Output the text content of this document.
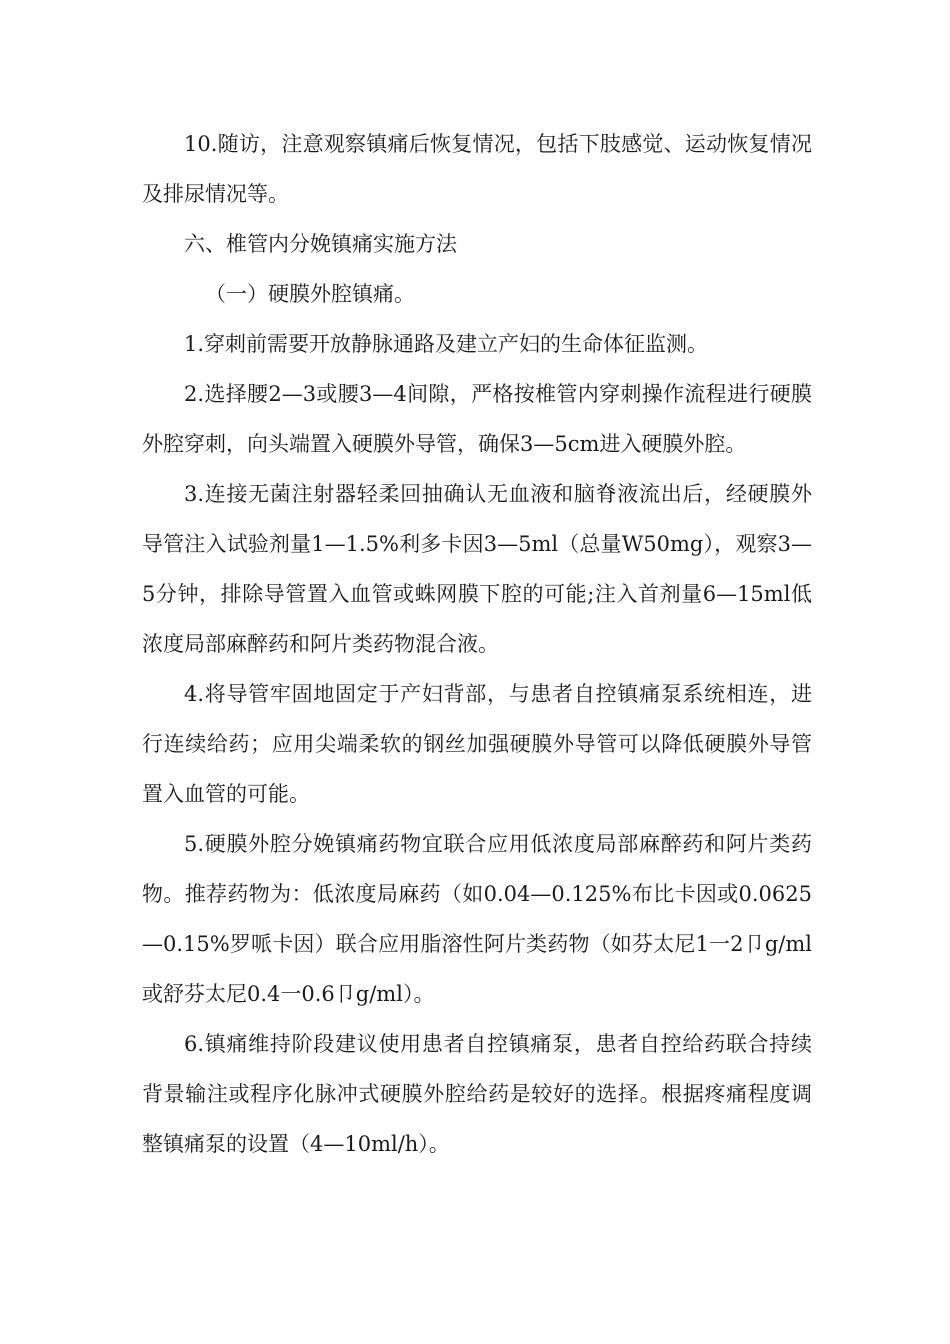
10.随访，注意观察镇痛后恢复情况，包括下肢感觉、运动恢复情况及排尿情况等。

六、椎管内分娩镇痛实施方法

（一）硬膜外腔镇痛。

1.穿刺前需要开放静脉通路及建立产妇的生命体征监测。

2.选择腰2—3或腰3—4间隙，严格按椎管内穿刺操作流程进行硬膜外腔穿刺，向头端置入硬膜外导管，确保3—5cm进入硬膜外腔。

3.连接无菌注射器轻柔回抽确认无血液和脑脊液流出后，经硬膜外导管注入试验剂量1—1.5%利多卡因3—5ml（总量W50mg），观察3—5分钟，排除导管置入血管或蛛网膜下腔的可能;注入首剂量6—15ml低浓度局部麻醉药和阿片类药物混合液。

4.将导管牢固地固定于产妇背部，与患者自控镇痛泵系统相连，进行连续给药；应用尖端柔软的钢丝加强硬膜外导管可以降低硬膜外导管置入血管的可能。

5.硬膜外腔分娩镇痛药物宜联合应用低浓度局部麻醉药和阿片类药物。推荐药物为：低浓度局麻药（如0.04—0.125%布比卡因或0.0625—0.15%罗哌卡因）联合应用脂溶性阿片类药物（如芬太尼1一2卩g/ml或舒芬太尼0.4一0.6卩g/ml）。

6.镇痛维持阶段建议使用患者自控镇痛泵，患者自控给药联合持续背景输注或程序化脉冲式硬膜外腔给药是较好的选择。根据疼痛程度调整镇痛泵的设置（4—10ml/h）。
